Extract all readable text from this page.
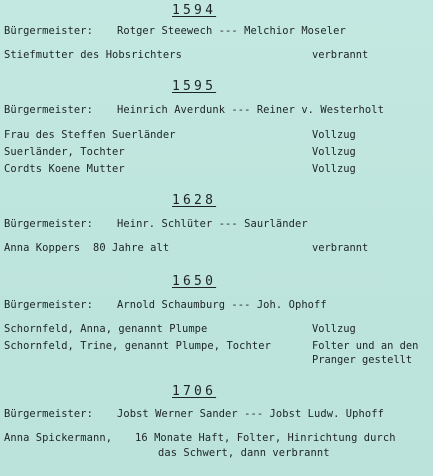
1594
Bürgermeister: Rotger Steewech --- Melchior Moseler
Stiefmutter des Hobsrichters	verbrannt
1595
Bürgermeister: Heinrich Averdunk --- Reiner v. Westerholt
Frau des Steffen Suerländer	Vollzug
Suerländer, Tochter	Vollzug
Cordts Koene Mutter	Vollzug
1628
Bürgermeister: Heinr. Schlüter --- Saurländer
Anna Koppers  80 Jahre alt	verbrannt
1650
Bürgermeister: Arnold Schaumburg --- Joh. Ophoff
Schornfeld, Anna, genannt Plumpe	Vollzug
Schornfeld, Trine, genannt Plumpe, Tochter	Folter und an den
Pranger gestellt
1706
Bürgermeister: Jobst Werner Sander --- Jobst Ludw. Uphoff
Anna Spickermann, 16 Monate Haft, Folter, Hinrichtung durch
das Schwert, dann verbrannt
